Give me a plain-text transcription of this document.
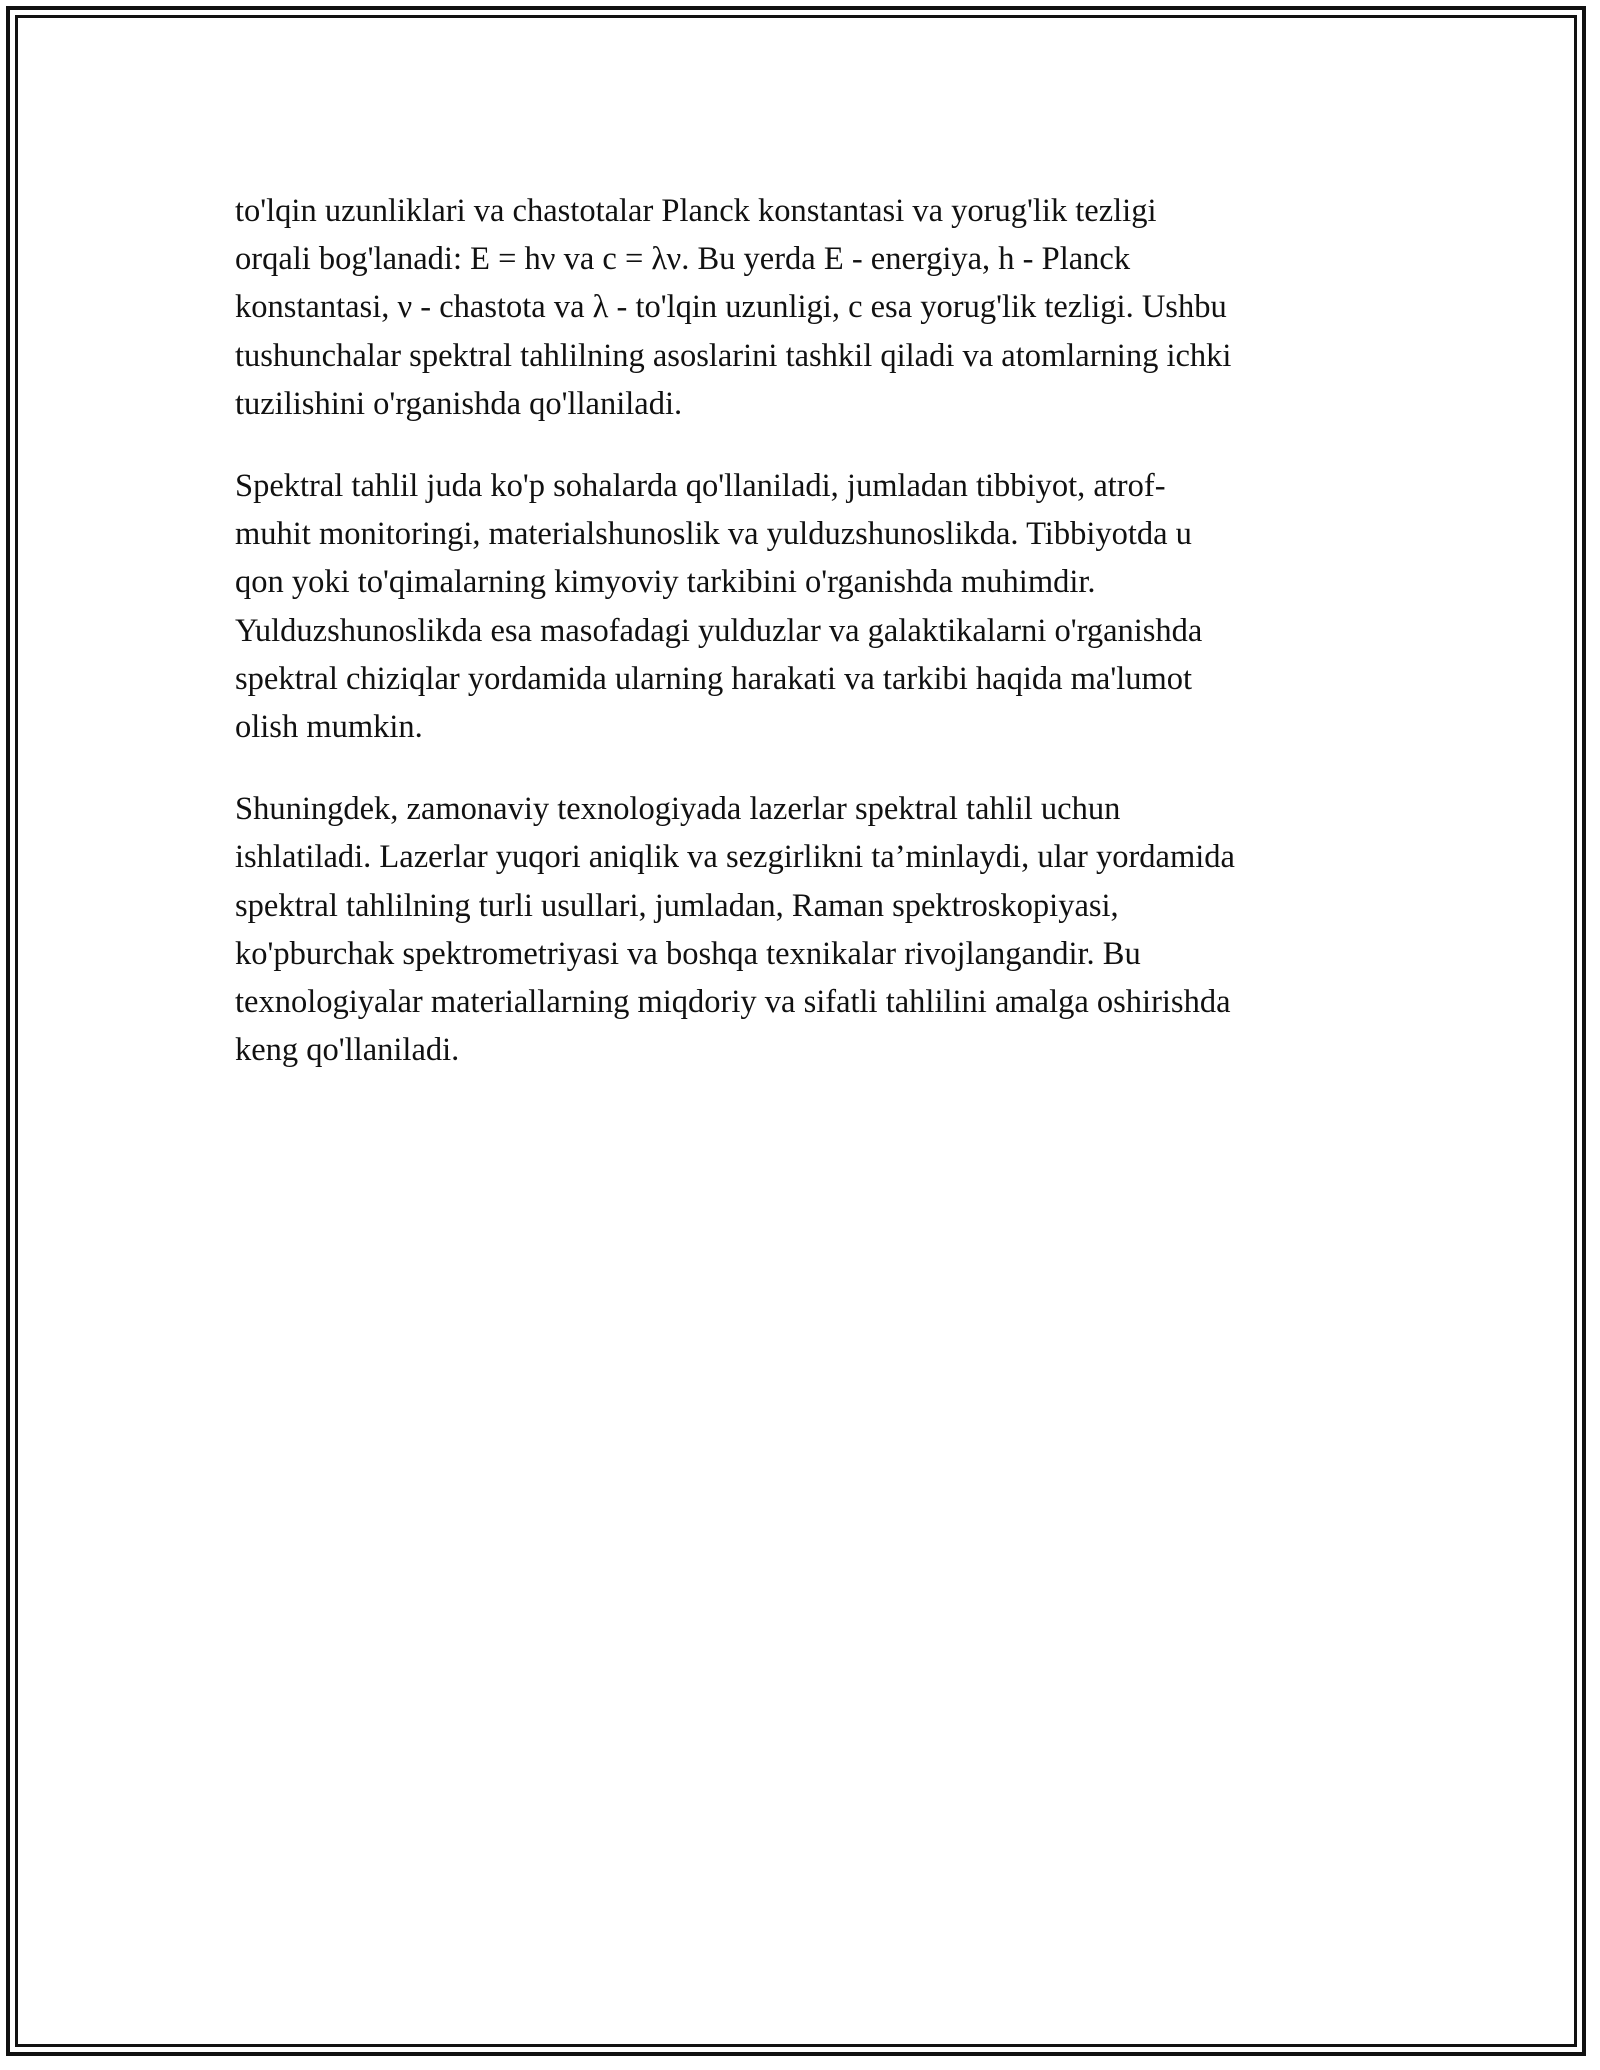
to'lqin uzunliklari va chastotalar Planck konstantasi va yorug'lik tezligi
orqali bog'lanadi: E = hν va c = λν. Bu yerda E - energiya, h - Planck
konstantasi, ν - chastota va λ - to'lqin uzunligi, c esa yorug'lik tezligi. Ushbu
tushunchalar spektral tahlilning asoslarini tashkil qiladi va atomlarning ichki
tuzilishini o'rganishda qo'llaniladi.

Spektral tahlil juda ko'p sohalarda qo'llaniladi, jumladan tibbiyot, atrof-
muhit monitoringi, materialshunoslik va yulduzshunoslikda. Tibbiyotda u
qon yoki to'qimalarning kimyoviy tarkibini o'rganishda muhimdir.
Yulduzshunoslikda esa masofadagi yulduzlar va galaktikalarni o'rganishda
spektral chiziqlar yordamida ularning harakati va tarkibi haqida ma'lumot
olish mumkin.

Shuningdek, zamonaviy texnologiyada lazerlar spektral tahlil uchun
ishlatiladi. Lazerlar yuqori aniqlik va sezgirlikni ta’minlaydi, ular yordamida
spektral tahlilning turli usullari, jumladan, Raman spektroskopiyasi,
ko'pburchak spektrometriyasi va boshqa texnikalar rivojlangandir. Bu
texnologiyalar materiallarning miqdoriy va sifatli tahlilini amalga oshirishda
keng qo'llaniladi.
